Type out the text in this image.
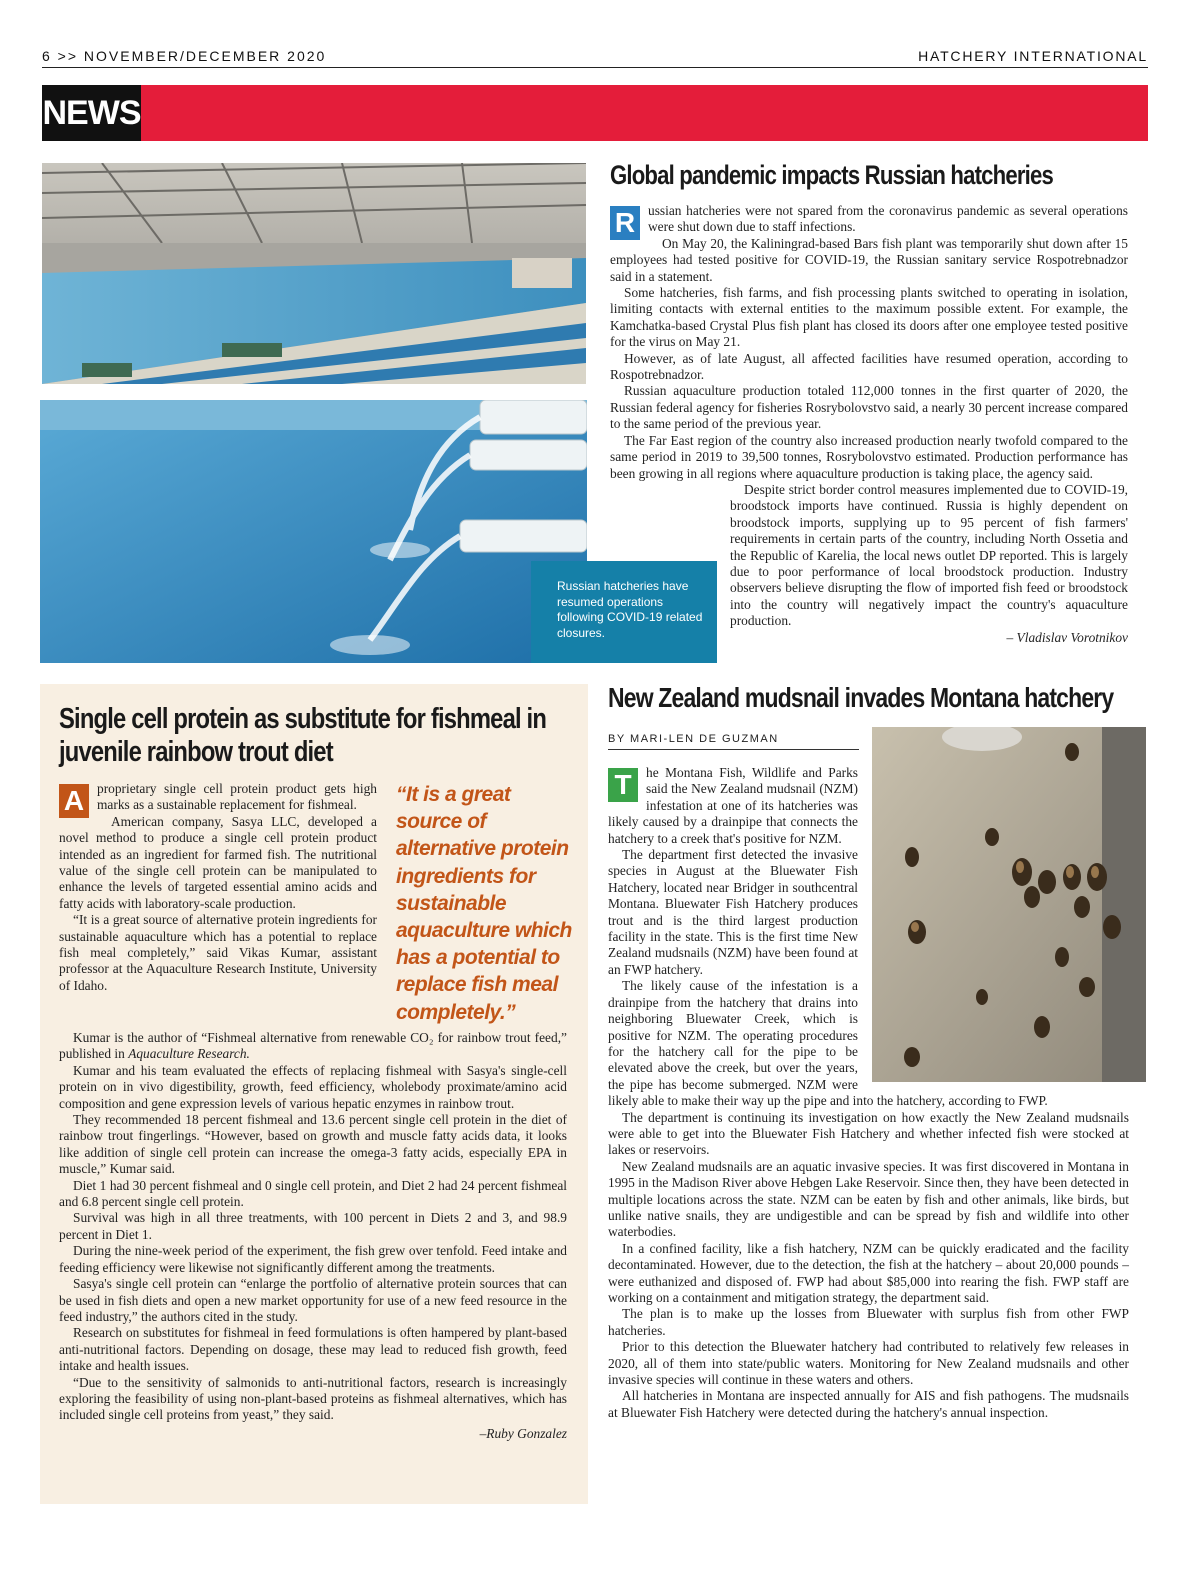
6 >> NOVEMBER/DECEMBER 2020	HATCHERY INTERNATIONAL
NEWS
Russian hatcheries have resumed operations following COVID-19 related closures.
Global pandemic impacts Russian hatcheries
R ussian hatcheries were not spared from the coronavirus pandemic as several operations were shut down due to staff infections.

On May 20, the Kaliningrad-based Bars fish plant was temporarily shut down after 15 employees had tested positive for COVID-19, the Russian sanitary service Rospotrebnadzor said in a statement.

Some hatcheries, fish farms, and fish processing plants switched to operating in isolation, limiting contacts with external entities to the maximum possible extent. For example, the Kamchatka-based Crystal Plus fish plant has closed its doors after one employee tested positive for the virus on May 21.

However, as of late August, all affected facilities have resumed operation, according to Rospotrebnadzor.

Russian aquaculture production totaled 112,000 tonnes in the first quarter of 2020, the Russian federal agency for fisheries Rosrybolovstvo said, a nearly 30 percent increase compared to the same period of the previous year.

The Far East region of the country also increased production nearly twofold compared to the same period in 2019 to 39,500 tonnes, Rosrybolovstvo estimated. Production performance has been growing in all regions where aquaculture production is taking place, the agency said.

Despite strict border control measures implemented due to COVID-19, broodstock imports have continued. Russia is highly dependent on broodstock imports, supplying up to 95 percent of fish farmers' requirements in certain parts of the country, including North Ossetia and the Republic of Karelia, the local news outlet DP reported. This is largely due to poor performance of local broodstock production. Industry observers believe disrupting the flow of imported fish feed or broodstock into the country will negatively impact the country's aquaculture production.

– Vladislav Vorotnikov
Single cell protein as substitute for fishmeal in juvenile rainbow trout diet
A proprietary single cell protein product gets high marks as a sustainable replacement for fishmeal.

American company, Sasya LLC, developed a novel method to produce a single cell protein product intended as an ingredient for farmed fish. The nutritional value of the single cell protein can be manipulated to enhance the levels of targeted essential amino acids and fatty acids with laboratory-scale production.

“It is a great source of alternative protein ingredients for sustainable aquaculture which has a potential to replace fish meal completely,” said Vikas Kumar, assistant professor at the Aquaculture Research Institute, University of Idaho.

“It is a great source of alternative protein ingredients for sustainable aquaculture which has a potential to replace fish meal completely.”

Kumar is the author of “Fishmeal alternative from renewable CO₂ for rainbow trout feed,” published in Aquaculture Research.

Kumar and his team evaluated the effects of replacing fishmeal with Sasya's single-cell protein on in vivo digestibility, growth, feed efficiency, wholebody proximate/amino acid composition and gene expression levels of various hepatic enzymes in rainbow trout.

They recommended 18 percent fishmeal and 13.6 percent single cell protein in the diet of rainbow trout fingerlings. “However, based on growth and muscle fatty acids data, it looks like addition of single cell protein can increase the omega-3 fatty acids, especially EPA in muscle,” Kumar said.

Diet 1 had 30 percent fishmeal and 0 single cell protein, and Diet 2 had 24 percent fishmeal and 6.8 percent single cell protein.

Survival was high in all three treatments, with 100 percent in Diets 2 and 3, and 98.9 percent in Diet 1.

During the nine-week period of the experiment, the fish grew over tenfold. Feed intake and feeding efficiency were likewise not significantly different among the treatments.

Sasya's single cell protein can “enlarge the portfolio of alternative protein sources that can be used in fish diets and open a new market opportunity for use of a new feed resource in the feed industry,” the authors cited in the study.

Research on substitutes for fishmeal in feed formulations is often hampered by plant-based anti-nutritional factors. Depending on dosage, these may lead to reduced fish growth, feed intake and health issues.

“Due to the sensitivity of salmonids to anti-nutritional factors, research is increasingly exploring the feasibility of using non-plant-based proteins as fishmeal alternatives, which has included single cell proteins from yeast,” they said.

–Ruby Gonzalez
New Zealand mudsnail invades Montana hatchery
BY MARI-LEN DE GUZMAN
T	he Montana Fish, Wildlife and Parks said the New Zealand mudsnail (NZM) infestation at one of its hatcheries was likely caused by a drainpipe that connects the hatchery to a creek that's positive for NZM.

The department first detected the invasive species in August at the Bluewater Fish Hatchery, located near Bridger in southcentral Montana. Bluewater Fish Hatchery produces trout and is the third largest production facility in the state. This is the first time New Zealand mudsnails (NZM) have been found at an FWP hatchery.

The likely cause of the infestation is a drainpipe from the hatchery that drains into neighboring Bluewater Creek, which is positive for NZM. The operating procedures for the hatchery call for the pipe to be elevated above the creek, but over the years, the pipe has become submerged. NZM were likely able to make their way up the pipe and into the hatchery, according to FWP.

The department is continuing its investigation on how exactly the New Zealand mudsnails were able to get into the Bluewater Fish Hatchery and whether infected fish were stocked at lakes or reservoirs.

New Zealand mudsnails are an aquatic invasive species. It was first discovered in Montana in 1995 in the Madison River above Hebgen Lake Reservoir. Since then, they have been detected in multiple locations across the state. NZM can be eaten by fish and other animals, like birds, but unlike native snails, they are undigestible and can be spread by fish and wildlife into other waterbodies.

In a confined facility, like a fish hatchery, NZM can be quickly eradicated and the facility decontaminated. However, due to the detection, the fish at the hatchery – about 20,000 pounds – were euthanized and disposed of. FWP had about $85,000 into rearing the fish. FWP staff are working on a containment and mitigation strategy, the department said.

The plan is to make up the losses from Bluewater with surplus fish from other FWP hatcheries.

Prior to this detection the Bluewater hatchery had contributed to relatively few releases in 2020, all of them into state/public waters. Monitoring for New Zealand mudsnails and other invasive species will continue in these waters and others.

All hatcheries in Montana are inspected annually for AIS and fish pathogens. The mudsnails at Bluewater Fish Hatchery were detected during the hatchery's annual inspection.
